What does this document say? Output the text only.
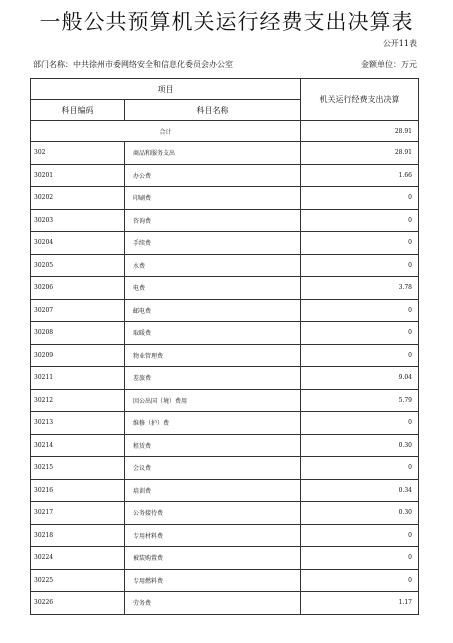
一般公共预算机关运行经费支出决算表
公开11表
部门名称：中共徐州市委网络安全和信息化委员会办公室	金额单位：万元
项目		机关运行经费支出决算
科目编码	科目名称	
合计		28.91
302	商品和服务支出	28.91
30201	办公费	1.66
30202	印刷费	0
30203	咨询费	0
30204	手续费	0
30205	水费	0
30206	电费	3.78
30207	邮电费	0
30208	取暖费	0
30209	物业管理费	0
30211	差旅费	9.04
30212	因公出国（境）费用	5.79
30213	维修（护）费	0
30214	租赁费	0.30
30215	会议费	0
30216	培训费	0.34
30217	公务接待费	0.30
30218	专用材料费	0
30224	被装购置费	0
30225	专用燃料费	0
30226	劳务费	1.17
